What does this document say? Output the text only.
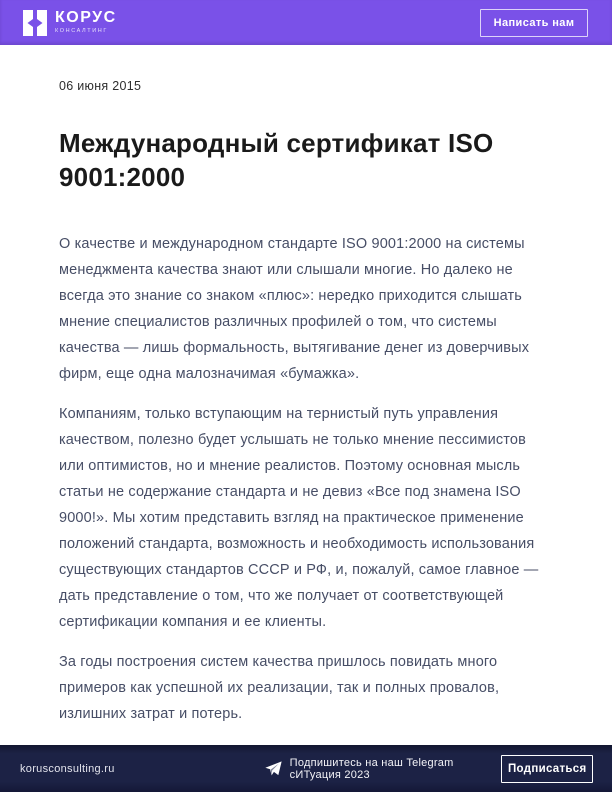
КОРУС
КОНСАЛТИНГ
Написать нам
06 июня 2015
Международный сертификат ISO 9001:2000

О качестве и международном стандарте ISO 9001:2000 на системы менеджмента качества знают или слышали многие. Но далеко не всегда это знание со знаком «плюс»: нередко приходится слышать мнение специалистов различных профилей о том, что системы качества — лишь формальность, вытягивание денег из доверчивых фирм, еще одна малозначимая «бумажка».

Компаниям, только вступающим на тернистый путь управления качеством, полезно будет услышать не только мнение пессимистов или оптимистов, но и мнение реалистов. Поэтому основная мысль статьи не содержание стандарта и не девиз «Все под знамена ISO 9000!». Мы хотим представить взгляд на практическое применение положений стандарта, возможность и необходимость использования существующих стандартов СССР и РФ, и, пожалуй, самое главное — дать представление о том, что же получает от соответствующей сертификации компания и ее клиенты.

За годы построения систем качества пришлось повидать много примеров как успешной их реализации, так и полных провалов, излишних затрат и потерь.

korusconsulting.ru	Подпишитесь на наш Telegram сИТуация 2023	Подписаться
